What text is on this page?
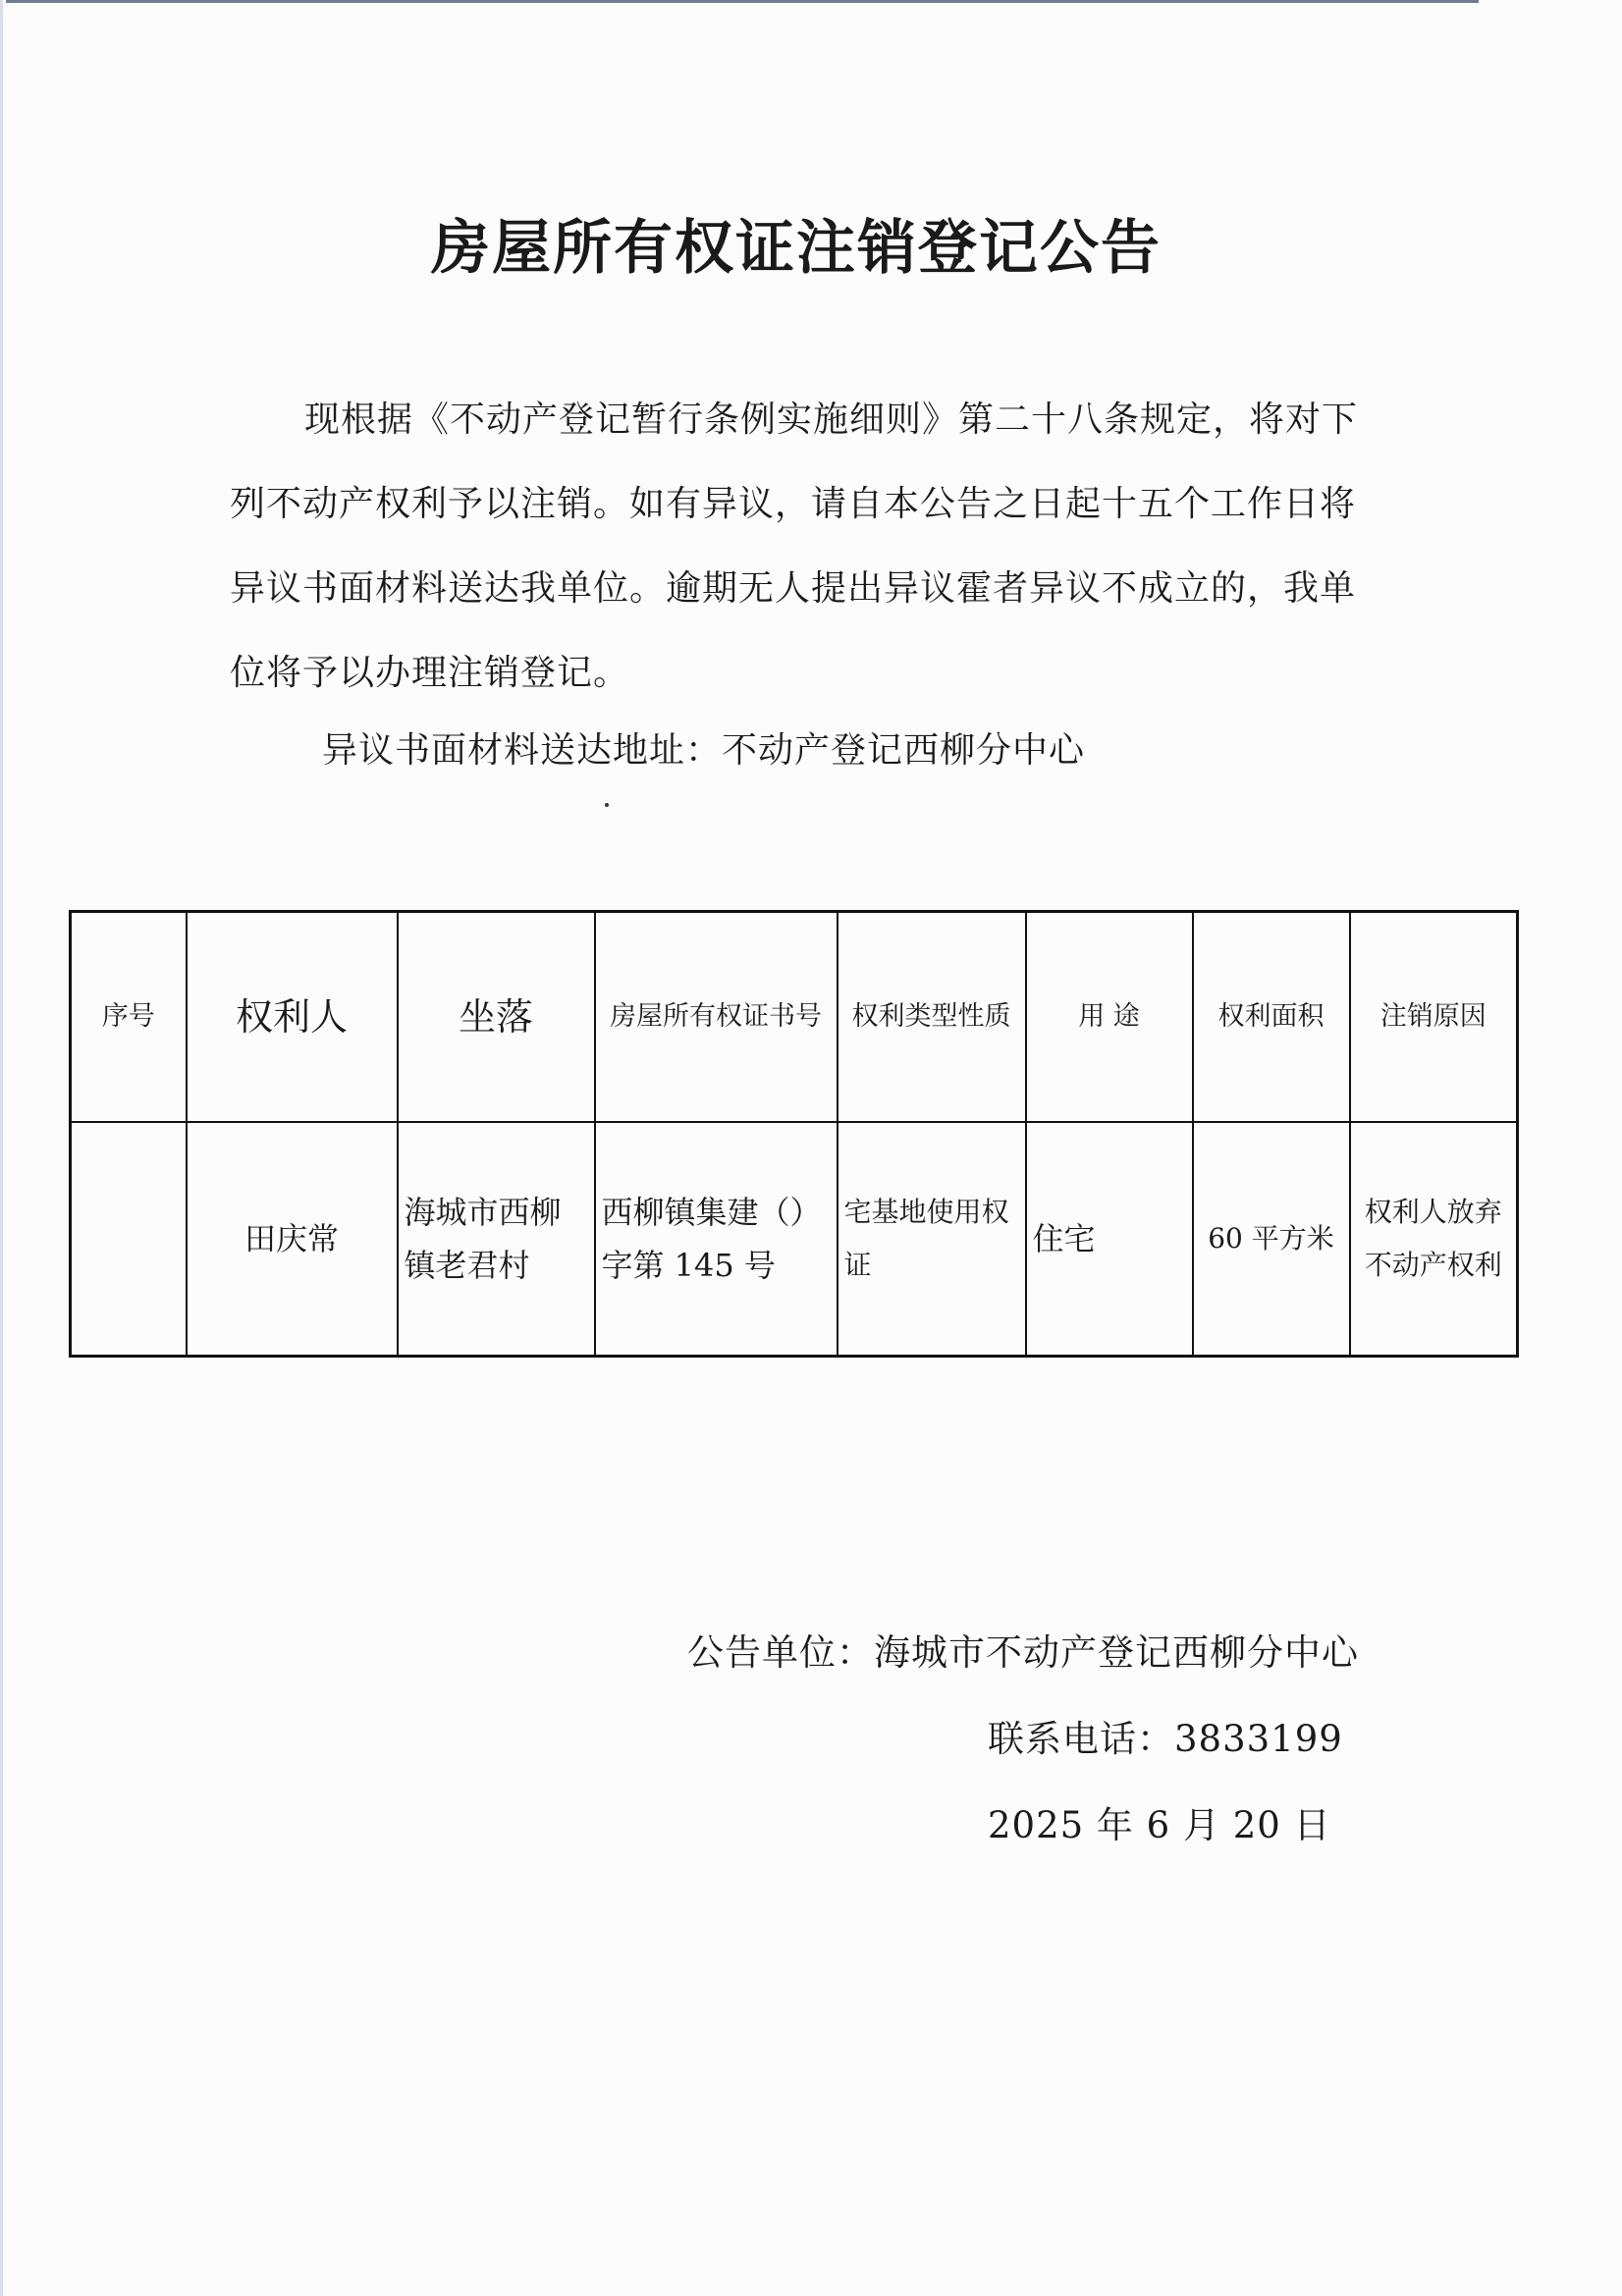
房屋所有权证注销登记公告

现根据《不动产登记暂行条例实施细则》第二十八条规定，将对下列不动产权利予以注销。如有异议，请自本公告之日起十五个工作日将异议书面材料送达我单位。逾期无人提出异议霍者异议不成立的，我单位将予以办理注销登记。

异议书面材料送达地址：不动产登记西柳分中心
序号	权利人	坐落	房屋所有权证书号	权利类型性质	用 途	权利面积	注销原因
	田庆常	海城市西柳镇老君村	西柳镇集建（）字第 145 号	宅基地使用权证	住宅	60 平方米	权利人放弃不动产权利
公告单位：海城市不动产登记西柳分中心
联系电话：3833199
2025 年 6 月 20 日
